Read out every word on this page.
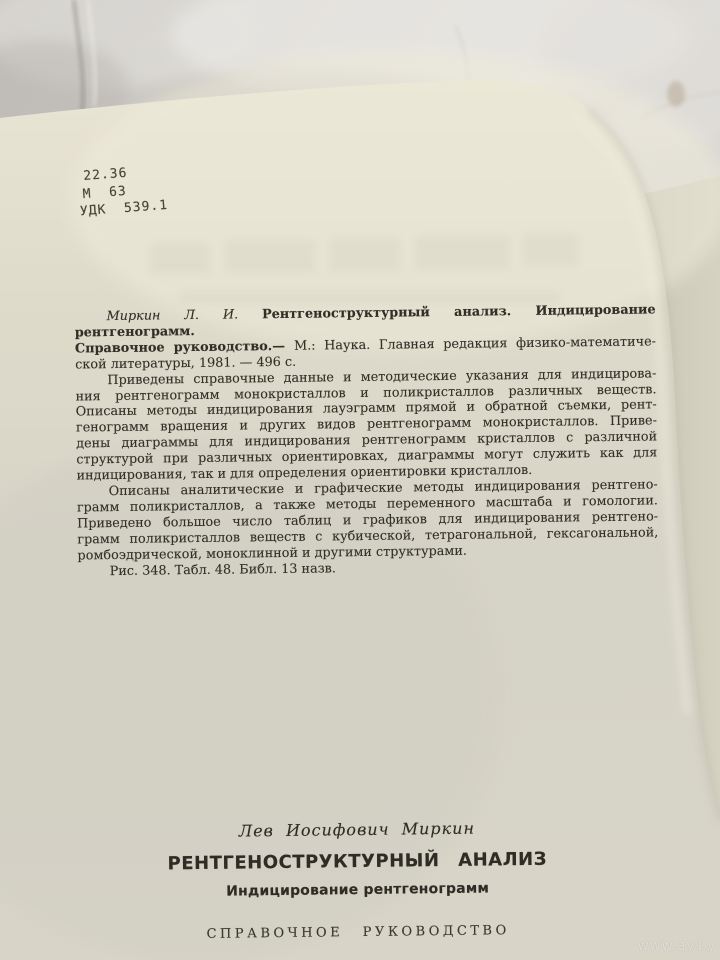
22.36
М  63
УДК  539.1
Миркин Л. И. Рентгеноструктурный анализ. Индицирование рентгенограмм.
Справочное руководство.— М.: Наука. Главная редакция физико-математиче-
ской литературы, 1981. — 496 с.
Приведены справочные данные и методические указания для индицирова-
ния рентгенограмм монокристаллов и поликристаллов различных веществ.
Описаны методы индицирования лауэграмм прямой и обратной съемки, рент-
генограмм вращения и других видов рентгенограмм монокристаллов. Приве-
дены диаграммы для индицирования рентгенограмм кристаллов с различной
структурой при различных ориентировках, диаграммы могут служить как для
индицирования, так и для определения ориентировки кристаллов.
Описаны аналитические и графические методы индицирования рентгено-
грамм поликристаллов, а также методы переменного масштаба и гомологии.
Приведено большое число таблиц и графиков для индицирования рентгено-
грамм поликристаллов веществ с кубической, тетрагональной, гексагональной,
ромбоэдрической, моноклинной и другими структурами.
Рис. 348. Табл. 48. Библ. 13 назв.
Лев Иосифович Миркин
РЕНТГЕНОСТРУКТУРНЫЙ АНАЛИЗ
Индицирование рентгенограмм
СПРАВОЧНОЕ РУКОВОДСТВО
www.ay.by
